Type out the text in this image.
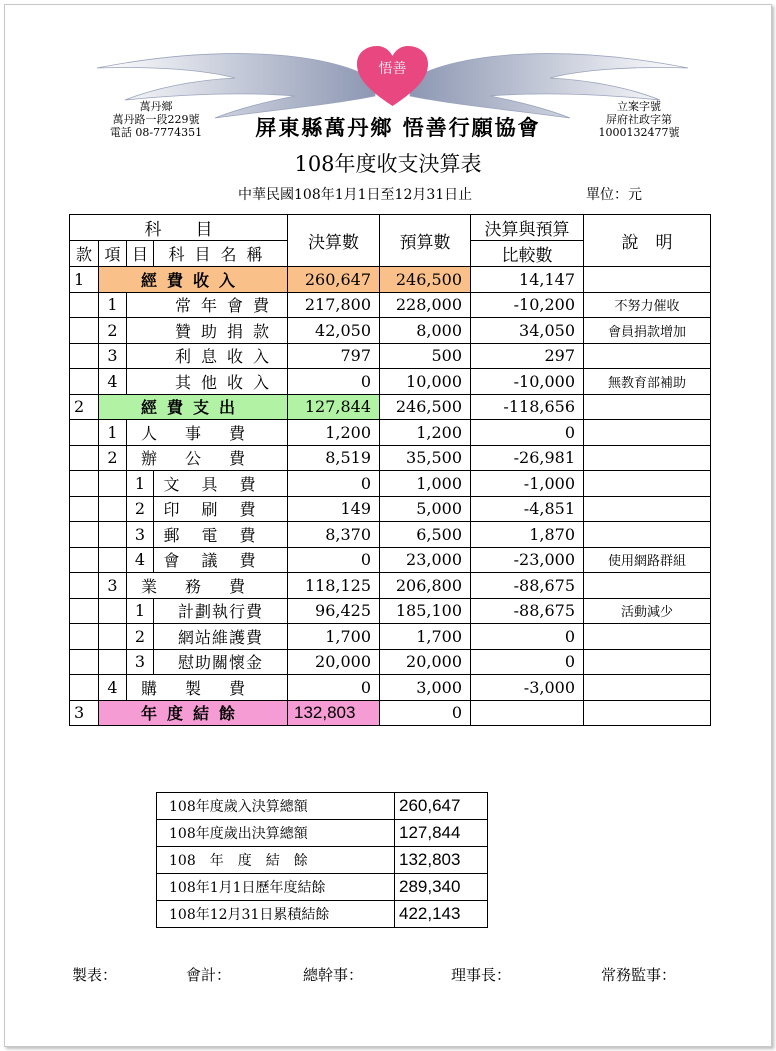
悟善
萬丹鄉
萬丹路一段229號
電話 08-7774351	屏東縣萬丹鄉 悟善行願協會
立案字號
屏府社政字第
1000132477號
108年度收支決算表
中華民國108年1月1日至12月31日止	單位：元
科　　目				決算數	預算數	決算與預算	說　明
款	項	目	科目名稱			比較數	
1	經費收入			260,647	246,500	14,147	
	1	常年會費		217,800	228,000	-10,200	不努力催收
	2	贊助捐款		42,050	8,000	34,050	會員捐款增加
	3	利息收入		797	500	297	
	4	其他收入		0	10,000	-10,000	無教育部補助
2	經費支出			127,844	246,500	-118,656	
	1	人事費		1,200	1,200	0	
	2	辦公費		8,519	35,500	-26,981	
		1	文具費	0	1,000	-1,000	
		2	印刷費	149	5,000	-4,851	
		3	郵電費	8,370	6,500	1,870	
		4	會議費	0	23,000	-23,000	使用網路群組
	3	業務費		118,125	206,800	-88,675	
		1	計劃執行費	96,425	185,100	-88,675	活動減少
		2	網站維護費	1,700	1,700	0	
		3	慰助關懷金	20,000	20,000	0	
	4	購製費		0	3,000	-3,000	
3	年度結餘			132,803	0		
108年度歲入決算總額	260,647
108年度歲出決算總額	127,844
108　年　度　結　餘	132,803
108年1月1日歷年度結餘	289,340
108年12月31日累積結餘	422,143
製表：	會計：	總幹事：	理事長：	常務監事：
